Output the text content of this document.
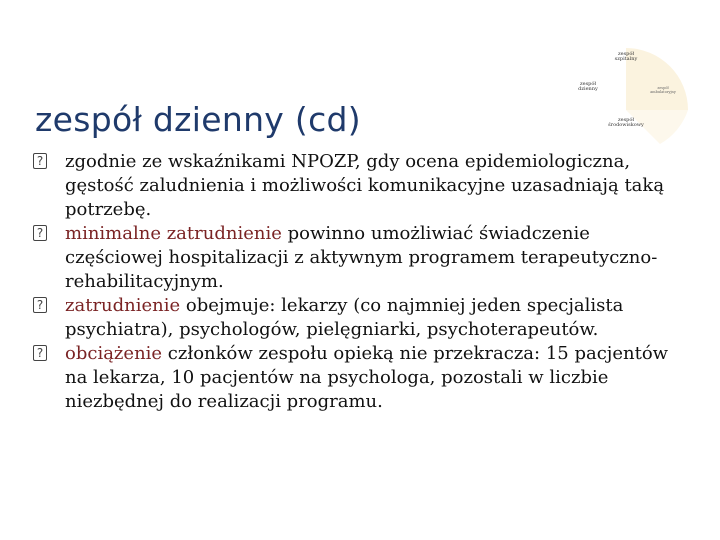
zespół dzienny (cd)
zespół szpitalny
zespół dzienny	zespół ambulatoryjny
zespół środowiskowy
? zgodnie ze wskaźnikami NPOZP, gdy ocena epidemiologiczna, gęstość zaludnienia i możliwości komunikacyjne uzasadniają taką potrzebę.
? minimalne zatrudnienie powinno umożliwiać świadczenie częściowej hospitalizacji z aktywnym programem terapeutyczno-rehabilitacyjnym.
? zatrudnienie obejmuje: lekarzy (co najmniej jeden specjalista psychiatra), psychologów, pielęgniarki, psychoterapeutów.
? obciążenie członków zespołu opieką nie przekracza: 15 pacjentów na lekarza, 10 pacjentów na psychologa, pozostali w liczbie niezbędnej do realizacji programu.
